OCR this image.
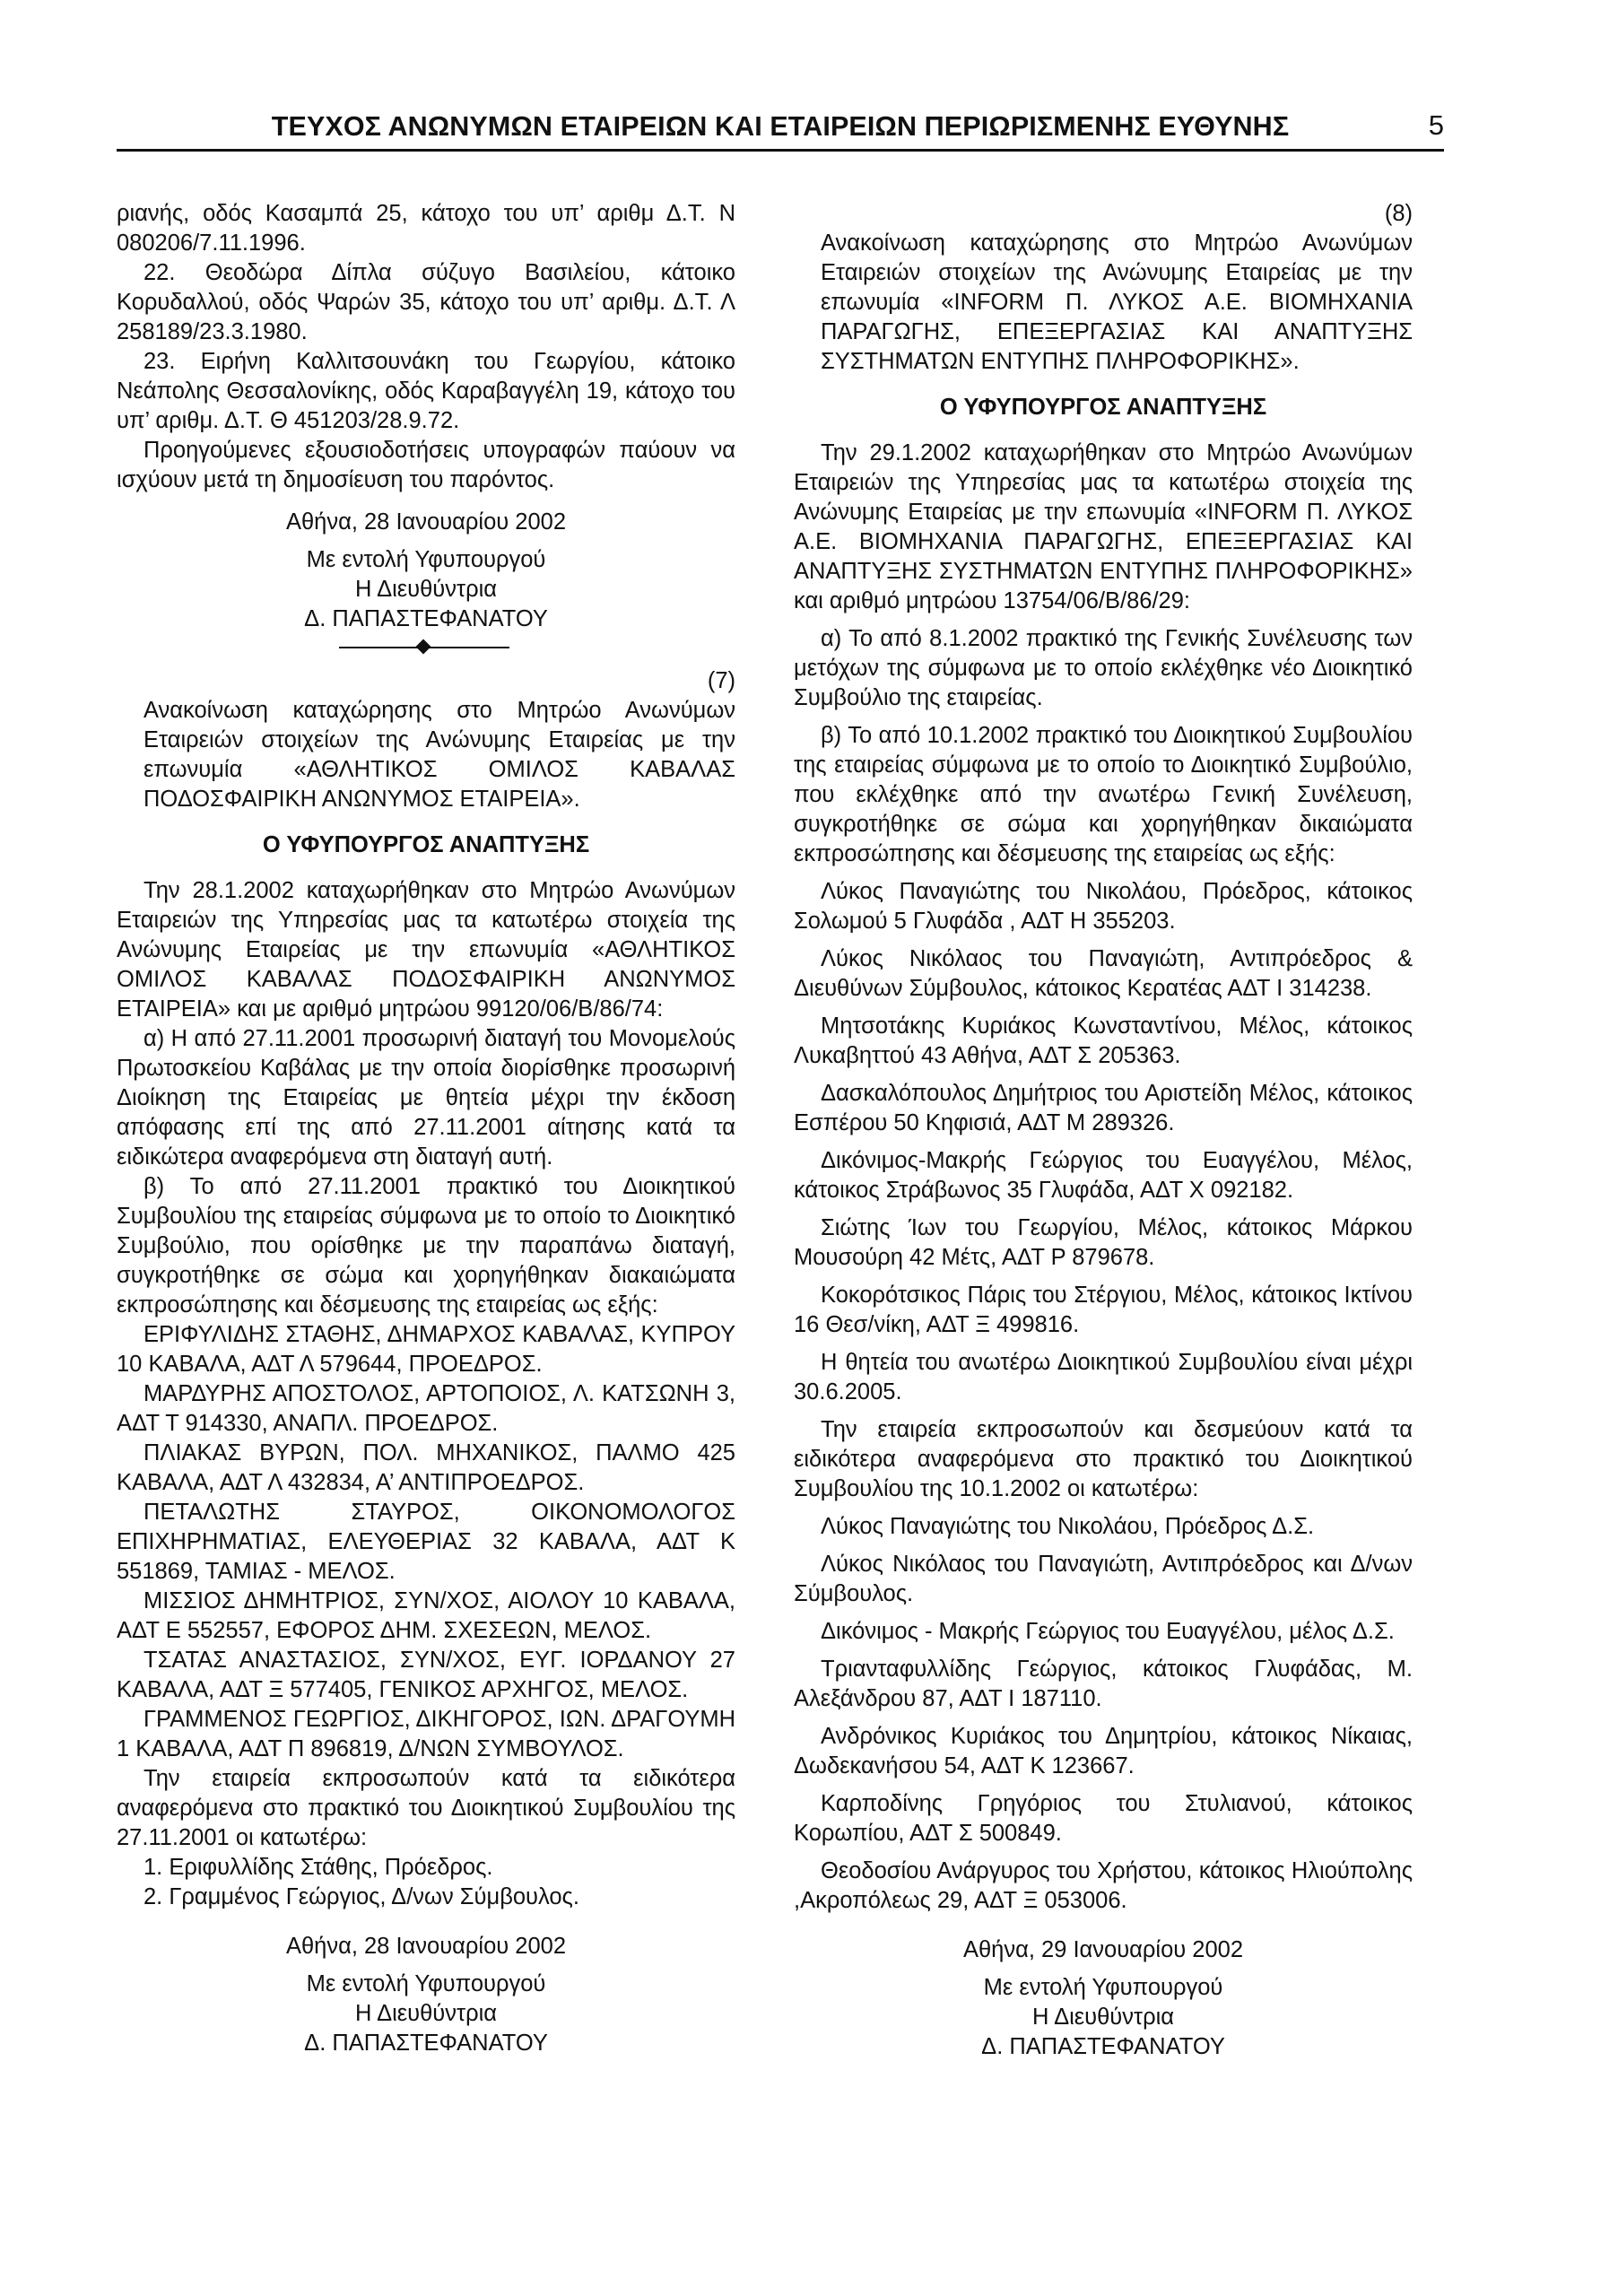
ΤΕΥΧΟΣ ΑΝΩΝΥΜΩΝ ΕΤΑΙΡΕΙΩΝ ΚΑΙ ΕΤΑΙΡΕΙΩΝ ΠΕΡΙΩΡΙΣΜΕΝΗΣ ΕΥΘΥΝΗΣ	5

ριανής, οδός Κασαμπά 25, κάτοχο του υπ’ αριθμ Δ.Τ. Ν 080206/7.11.1996.

22. Θεοδώρα Δίπλα σύζυγο Βασιλείου, κάτοικο Κορυδαλλού, οδός Ψαρών 35, κάτοχο του υπ’ αριθμ. Δ.Τ. Λ 258189/23.3.1980.

23. Ειρήνη Καλλιτσουνάκη του Γεωργίου, κάτοικο Νεάπολης Θεσσαλονίκης, οδός Καραβαγγέλη 19, κάτοχο του υπ’ αριθμ. Δ.Τ. Θ 451203/28.9.72.

Προηγούμενες εξουσιοδοτήσεις υπογραφών παύουν να ισχύουν μετά τη δημοσίευση του παρόντος.

Αθήνα, 28 Ιανουαρίου 2002

Με εντολή Υφυπουργού

Η Διευθύντρια

Δ. ΠΑΠΑΣΤΕΦΑΝΑΤΟΥ

(7)

Ανακοίνωση καταχώρησης στο Μητρώο Ανωνύμων Εταιρειών στοιχείων της Ανώνυμης Εταιρείας με την επωνυμία «ΑΘΛΗΤΙΚΟΣ ΟΜΙΛΟΣ ΚΑΒΑΛΑΣ ΠΟΔΟΣΦΑΙΡΙΚΗ ΑΝΩΝΥΜΟΣ ΕΤΑΙΡΕΙΑ».

Ο ΥΦΥΠΟΥΡΓΟΣ ΑΝΑΠΤΥΞΗΣ

Την 28.1.2002 καταχωρήθηκαν στο Μητρώο Ανωνύμων Εταιρειών της Υπηρεσίας μας τα κατωτέρω στοιχεία της Ανώνυμης Εταιρείας με την επωνυμία «ΑΘΛΗΤΙΚΟΣ ΟΜΙΛΟΣ ΚΑΒΑΛΑΣ ΠΟΔΟΣΦΑΙΡΙΚΗ ΑΝΩΝΥΜΟΣ ΕΤΑΙΡΕΙΑ» και με αριθμό μητρώου 99120/06/Β/86/74:

α) Η από 27.11.2001 προσωρινή διαταγή του Μονομελούς Πρωτοσκείου Καβάλας με την οποία διορίσθηκε προσωρινή Διοίκηση της Εταιρείας με θητεία μέχρι την έκδοση απόφασης επί της από 27.11.2001 αίτησης κατά τα ειδικώτερα αναφερόμενα στη διαταγή αυτή.

β) Το από 27.11.2001 πρακτικό του Διοικητικού Συμβουλίου της εταιρείας σύμφωνα με το οποίο το Διοικητικό Συμβούλιο, που ορίσθηκε με την παραπάνω διαταγή, συγκροτήθηκε σε σώμα και χορηγήθηκαν διακαιώματα εκπροσώπησης και δέσμευσης της εταιρείας ως εξής:

ΕΡΙΦΥΛΙΔΗΣ ΣΤΑΘΗΣ, ΔΗΜΑΡΧΟΣ ΚΑΒΑΛΑΣ, ΚΥΠΡΟΥ 10 ΚΑΒΑΛΑ, ΑΔΤ Λ 579644, ΠΡΟΕΔΡΟΣ.

ΜΑΡΔΥΡΗΣ ΑΠΟΣΤΟΛΟΣ, ΑΡΤΟΠΟΙΟΣ, Λ. ΚΑΤΣΩΝΗ 3, ΑΔΤ Τ 914330, ΑΝΑΠΛ. ΠΡΟΕΔΡΟΣ.

ΠΛΙΑΚΑΣ ΒΥΡΩΝ, ΠΟΛ. ΜΗΧΑΝΙΚΟΣ, ΠΑΛΜΟ 425 ΚΑΒΑΛΑ, ΑΔΤ Λ 432834, Α’ ΑΝΤΙΠΡΟΕΔΡΟΣ.

ΠΕΤΑΛΩΤΗΣ ΣΤΑΥΡΟΣ, ΟΙΚΟΝΟΜΟΛΟΓΟΣ ΕΠΙΧΗΡΗΜΑΤΙΑΣ, ΕΛΕΥΘΕΡΙΑΣ 32 ΚΑΒΑΛΑ, ΑΔΤ Κ 551869, ΤΑΜΙΑΣ - ΜΕΛΟΣ.

ΜΙΣΣΙΟΣ ΔΗΜΗΤΡΙΟΣ, ΣΥΝ/ΧΟΣ, ΑΙΟΛΟΥ 10 ΚΑΒΑΛΑ, ΑΔΤ Ε 552557, ΕΦΟΡΟΣ ΔΗΜ. ΣΧΕΣΕΩΝ, ΜΕΛΟΣ.

ΤΣΑΤΑΣ ΑΝΑΣΤΑΣΙΟΣ, ΣΥΝ/ΧΟΣ, ΕΥΓ. ΙΟΡΔΑΝΟΥ 27 ΚΑΒΑΛΑ, ΑΔΤ Ξ 577405, ΓΕΝΙΚΟΣ ΑΡΧΗΓΟΣ, ΜΕΛΟΣ.

ΓΡΑΜΜΕΝΟΣ ΓΕΩΡΓΙΟΣ, ΔΙΚΗΓΟΡΟΣ, ΙΩΝ. ΔΡΑΓΟΥΜΗ 1 ΚΑΒΑΛΑ, ΑΔΤ Π 896819, Δ/ΝΩΝ ΣΥΜΒΟΥΛΟΣ.

Την εταιρεία εκπροσωπούν κατά τα ειδικότερα αναφερόμενα στο πρακτικό του Διοικητικού Συμβουλίου της 27.11.2001 οι κατωτέρω:

1. Εριφυλλίδης Στάθης, Πρόεδρος.

2. Γραμμένος Γεώργιος, Δ/νων Σύμβουλος.

Αθήνα, 28 Ιανουαρίου 2002

Με εντολή Υφυπουργού

Η Διευθύντρια

Δ. ΠΑΠΑΣΤΕΦΑΝΑΤΟΥ

(8)

Ανακοίνωση καταχώρησης στο Μητρώο Ανωνύμων Εταιρειών στοιχείων της Ανώνυμης Εταιρείας με την επωνυμία «INFORM Π. ΛΥΚΟΣ Α.Ε. ΒΙΟΜΗΧΑΝΙΑ ΠΑΡΑΓΩΓΗΣ, ΕΠΕΞΕΡΓΑΣΙΑΣ ΚΑΙ ΑΝΑΠΤΥΞΗΣ ΣΥΣΤΗΜΑΤΩΝ ΕΝΤΥΠΗΣ ΠΛΗΡΟΦΟΡΙΚΗΣ».

Ο ΥΦΥΠΟΥΡΓΟΣ ΑΝΑΠΤΥΞΗΣ

Την 29.1.2002 καταχωρήθηκαν στο Μητρώο Ανωνύμων Εταιρειών της Υπηρεσίας μας τα κατωτέρω στοιχεία της Ανώνυμης Εταιρείας με την επωνυμία «INFORM Π. ΛΥΚΟΣ Α.Ε. ΒΙΟΜΗΧΑΝΙΑ ΠΑΡΑΓΩΓΗΣ, ΕΠΕΞΕΡΓΑΣΙΑΣ ΚΑΙ ΑΝΑΠΤΥΞΗΣ ΣΥΣΤΗΜΑΤΩΝ ΕΝΤΥΠΗΣ ΠΛΗΡΟΦΟΡΙΚΗΣ» και αριθμό μητρώου 13754/06/Β/86/29:

α) Το από 8.1.2002 πρακτικό της Γενικής Συνέλευσης των μετόχων της σύμφωνα με το οποίο εκλέχθηκε νέο Διοικητικό Συμβούλιο της εταιρείας.

β) Το από 10.1.2002 πρακτικό του Διοικητικού Συμβουλίου της εταιρείας σύμφωνα με το οποίο το Διοικητικό Συμβούλιο, που εκλέχθηκε από την ανωτέρω Γενική Συνέλευση, συγκροτήθηκε σε σώμα και χορηγήθηκαν δικαιώματα εκπροσώπησης και δέσμευσης της εταιρείας ως εξής:

Λύκος Παναγιώτης του Νικολάου, Πρόεδρος, κάτοικος Σολωμού 5 Γλυφάδα , ΑΔΤ Η 355203.

Λύκος Νικόλαος του Παναγιώτη, Αντιπρόεδρος & Διευθύνων Σύμβουλος, κάτοικος Κερατέας ΑΔΤ Ι 314238.

Μητσοτάκης Κυριάκος Κωνσταντίνου, Μέλος, κάτοικος Λυκαβηττού 43 Αθήνα, ΑΔΤ Σ 205363.

Δασκαλόπουλος Δημήτριος του Αριστείδη Μέλος, κάτοικος Εσπέρου 50 Κηφισιά, ΑΔΤ Μ 289326.

Δικόνιμος-Μακρής Γεώργιος του Ευαγγέλου, Μέλος, κάτοικος Στράβωνος 35 Γλυφάδα, ΑΔΤ Χ 092182.

Σιώτης Ίων του Γεωργίου, Μέλος, κάτοικος Μάρκου Μουσούρη 42 Μέτς, ΑΔΤ Ρ 879678.

Κοκορότσικος Πάρις του Στέργιου, Μέλος, κάτοικος Ικτίνου 16 Θεσ/νίκη, ΑΔΤ Ξ 499816.

Η θητεία του ανωτέρω Διοικητικού Συμβουλίου είναι μέχρι 30.6.2005.

Την εταιρεία εκπροσωπούν και δεσμεύουν κατά τα ειδικότερα αναφερόμενα στο πρακτικό του Διοικητικού Συμβουλίου της 10.1.2002 οι κατωτέρω:

Λύκος Παναγιώτης του Νικολάου, Πρόεδρος Δ.Σ.

Λύκος Νικόλαος του Παναγιώτη, Αντιπρόεδρος και Δ/νων Σύμβουλος.

Δικόνιμος - Μακρής Γεώργιος του Ευαγγέλου, μέλος Δ.Σ.

Τριανταφυλλίδης Γεώργιος, κάτοικος Γλυφάδας, Μ. Αλεξάνδρου 87, ΑΔΤ Ι 187110.

Ανδρόνικος Κυριάκος του Δημητρίου, κάτοικος Νίκαιας, Δωδεκανήσου 54, ΑΔΤ Κ 123667.

Καρποδίνης Γρηγόριος του Στυλιανού, κάτοικος Κορωπίου, ΑΔΤ Σ 500849.

Θεοδοσίου Ανάργυρος του Χρήστου, κάτοικος Ηλιούπολης ,Ακροπόλεως 29, ΑΔΤ Ξ 053006.

Αθήνα, 29 Ιανουαρίου 2002

Με εντολή Υφυπουργού

Η Διευθύντρια

Δ. ΠΑΠΑΣΤΕΦΑΝΑΤΟΥ
